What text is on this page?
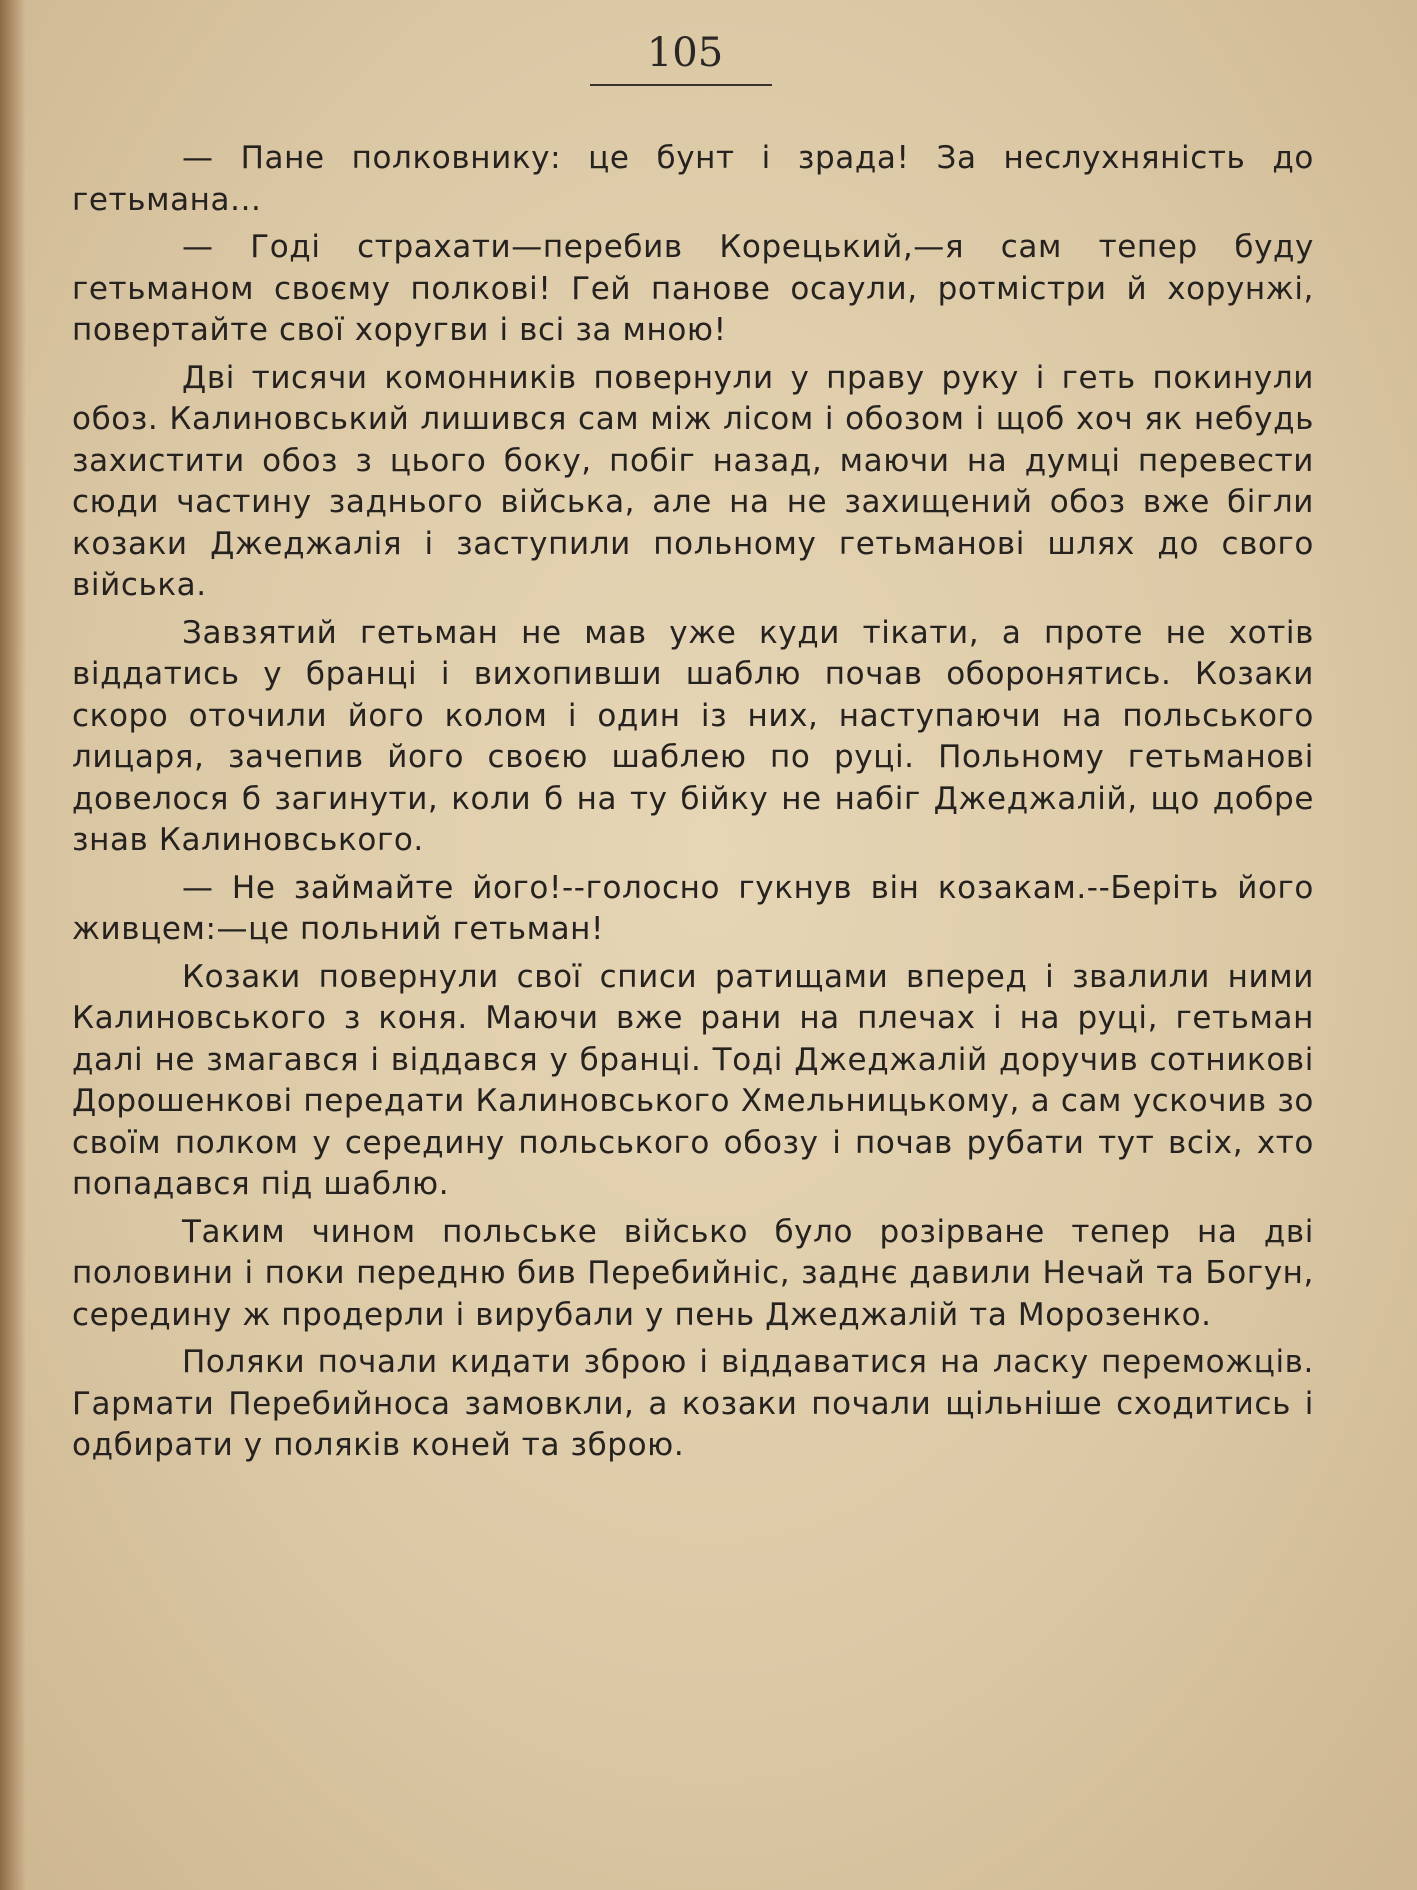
105

— Пане полковнику: це бунт і зрада! За неслухняність до гетьмана...

— Годі страхати—перебив Корецький,—я сам тепер буду гетьманом своєму полкові! Гей панове осаули, ротмістри й хорунжі, повертайте свої хоругви і всі за мною!

Дві тисячи комонників повернули у праву руку і геть покинули обоз. Калиновський лишився сам між лісом і обозом і щоб хоч як небудь захистити обоз з цього боку, побіг назад, маючи на думці перевести сюди частину заднього війська, але на не захищений обоз вже бігли козаки Джеджалія і заступили польному гетьманові шлях до свого війська.

Завзятий гетьман не мав уже куди тікати, а проте не хотів віддатись у бранці і вихопивши шаблю почав оборонятись. Козаки скоро оточили його колом і один із них, наступаючи на польського лицаря, зачепив його своєю шаблею по руці. Польному гетьманові довелося б загинути, коли б на ту бійку не набіг Джеджалій, що добре знав Калиновського.

— Не займайте його!--голосно гукнув він козакам.--Беріть його живцем:—це польний гетьман!

Козаки повернули свої списи ратищами вперед і звалили ними Калиновського з коня. Маючи вже рани на плечах і на руці, гетьман далі не змагався і віддався у бранці. Тоді Джеджалій доручив сотникові Дорошенкові передати Калиновського Хмельницькому, а сам ускочив зо своїм полком у середину польського обозу і почав рубати тут всіх, хто попадався під шаблю.

Таким чином польське військо було розірване тепер на дві половини і поки передню бив Перебийніс, заднє давили Нечай та Богун, середину ж продерли і вирубали у пень Джеджалій та Морозенко.

Поляки почали кидати зброю і віддаватися на ласку переможців. Гармати Перебийноса замовкли, а козаки почали щільніше сходитись і одбирати у поляків коней та зброю.
